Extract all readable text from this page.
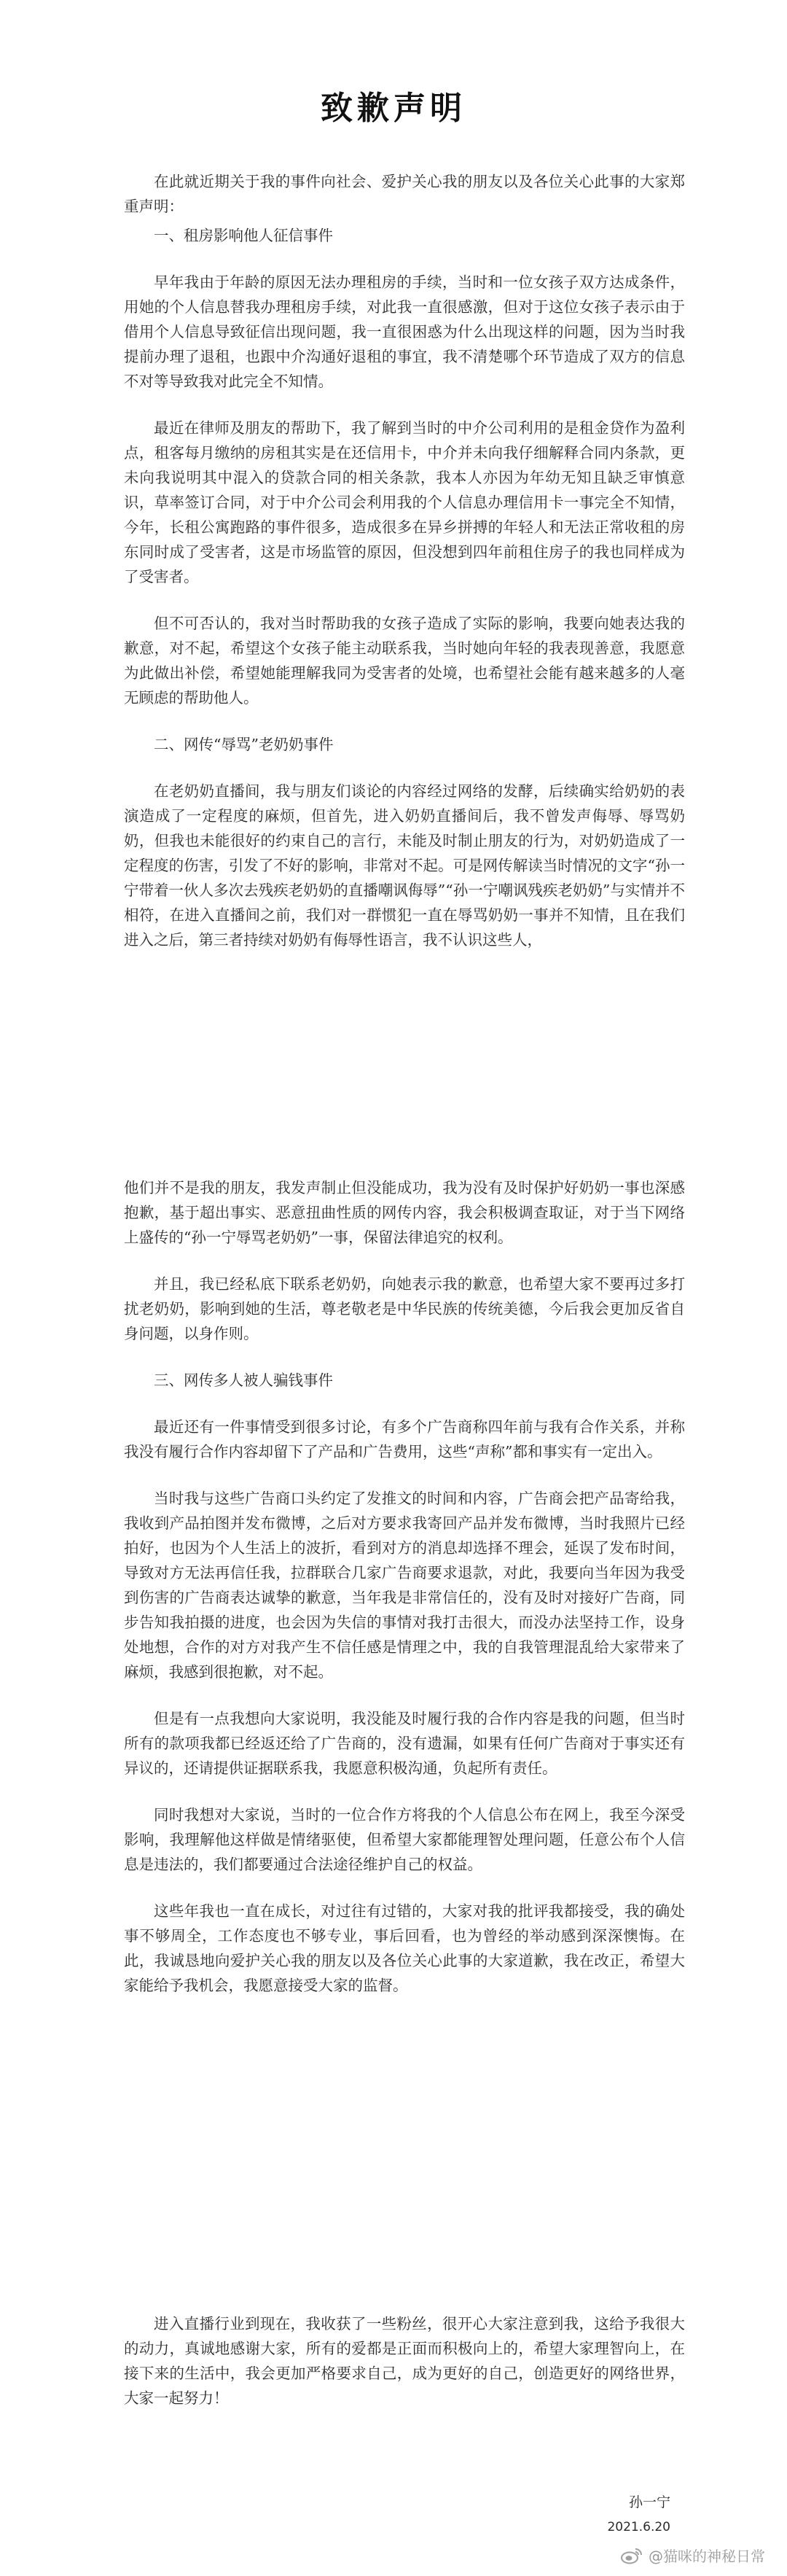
致歉声明

在此就近期关于我的事件向社会、爱护关心我的朋友以及各位关心此事的大家郑重声明：

一、租房影响他人征信事件

早年我由于年龄的原因无法办理租房的手续，当时和一位女孩子双方达成条件，用她的个人信息替我办理租房手续，对此我一直很感激，但对于这位女孩子表示由于借用个人信息导致征信出现问题，我一直很困惑为什么出现这样的问题，因为当时我提前办理了退租，也跟中介沟通好退租的事宜，我不清楚哪个环节造成了双方的信息不对等导致我对此完全不知情。

最近在律师及朋友的帮助下，我了解到当时的中介公司利用的是租金贷作为盈利点，租客每月缴纳的房租其实是在还信用卡，中介并未向我仔细解释合同内条款，更未向我说明其中混入的贷款合同的相关条款，我本人亦因为年幼无知且缺乏审慎意识，草率签订合同，对于中介公司会利用我的个人信息办理信用卡一事完全不知情，今年，长租公寓跑路的事件很多，造成很多在异乡拼搏的年轻人和无法正常收租的房东同时成了受害者，这是市场监管的原因，但没想到四年前租住房子的我也同样成为了受害者。

但不可否认的，我对当时帮助我的女孩子造成了实际的影响，我要向她表达我的歉意，对不起，希望这个女孩子能主动联系我，当时她向年轻的我表现善意，我愿意为此做出补偿，希望她能理解我同为受害者的处境，也希望社会能有越来越多的人毫无顾虑的帮助他人。

二、网传“辱骂”老奶奶事件

在老奶奶直播间，我与朋友们谈论的内容经过网络的发酵，后续确实给奶奶的表演造成了一定程度的麻烦，但首先，进入奶奶直播间后，我不曾发声侮辱、辱骂奶奶，但我也未能很好的约束自己的言行，未能及时制止朋友的行为，对奶奶造成了一定程度的伤害，引发了不好的影响，非常对不起。可是网传解读当时情况的文字“孙一宁带着一伙人多次去残疾老奶奶的直播嘲讽侮辱”“孙一宁嘲讽残疾老奶奶”与实情并不相符，在进入直播间之前，我们对一群惯犯一直在辱骂奶奶一事并不知情，且在我们进入之后，第三者持续对奶奶有侮辱性语言，我不认识这些人，

他们并不是我的朋友，我发声制止但没能成功，我为没有及时保护好奶奶一事也深感抱歉，基于超出事实、恶意扭曲性质的网传内容，我会积极调查取证，对于当下网络上盛传的“孙一宁辱骂老奶奶”一事，保留法律追究的权利。

并且，我已经私底下联系老奶奶，向她表示我的歉意，也希望大家不要再过多打扰老奶奶，影响到她的生活，尊老敬老是中华民族的传统美德，今后我会更加反省自身问题，以身作则。

三、网传多人被人骗钱事件

最近还有一件事情受到很多讨论，有多个广告商称四年前与我有合作关系，并称我没有履行合作内容却留下了产品和广告费用，这些“声称”都和事实有一定出入。

当时我与这些广告商口头约定了发推文的时间和内容，广告商会把产品寄给我，我收到产品拍图并发布微博，之后对方要求我寄回产品并发布微博，当时我照片已经拍好，也因为个人生活上的波折，看到对方的消息却选择不理会，延误了发布时间，导致对方无法再信任我，拉群联合几家广告商要求退款，对此，我要向当年因为我受到伤害的广告商表达诚挚的歉意，当年我是非常信任的，没有及时对接好广告商，同步告知我拍摄的进度，也会因为失信的事情对我打击很大，而没办法坚持工作，设身处地想，合作的对方对我产生不信任感是情理之中，我的自我管理混乱给大家带来了麻烦，我感到很抱歉，对不起。

但是有一点我想向大家说明，我没能及时履行我的合作内容是我的问题，但当时所有的款项我都已经返还给了广告商的，没有遗漏，如果有任何广告商对于事实还有异议的，还请提供证据联系我，我愿意积极沟通，负起所有责任。

同时我想对大家说，当时的一位合作方将我的个人信息公布在网上，我至今深受影响，我理解他这样做是情绪驱使，但希望大家都能理智处理问题，任意公布个人信息是违法的，我们都要通过合法途径维护自己的权益。

这些年我也一直在成长，对过往有过错的，大家对我的批评我都接受，我的确处事不够周全，工作态度也不够专业，事后回看，也为曾经的举动感到深深懊悔。在此，我诚恳地向爱护关心我的朋友以及各位关心此事的大家道歉，我在改正，希望大家能给予我机会，我愿意接受大家的监督。

进入直播行业到现在，我收获了一些粉丝，很开心大家注意到我，这给予我很大的动力，真诚地感谢大家，所有的爱都是正面而积极向上的，希望大家理智向上，在接下来的生活中，我会更加严格要求自己，成为更好的自己，创造更好的网络世界，大家一起努力！

孙一宁
2021.6.20
@猫咪的神秘日常
